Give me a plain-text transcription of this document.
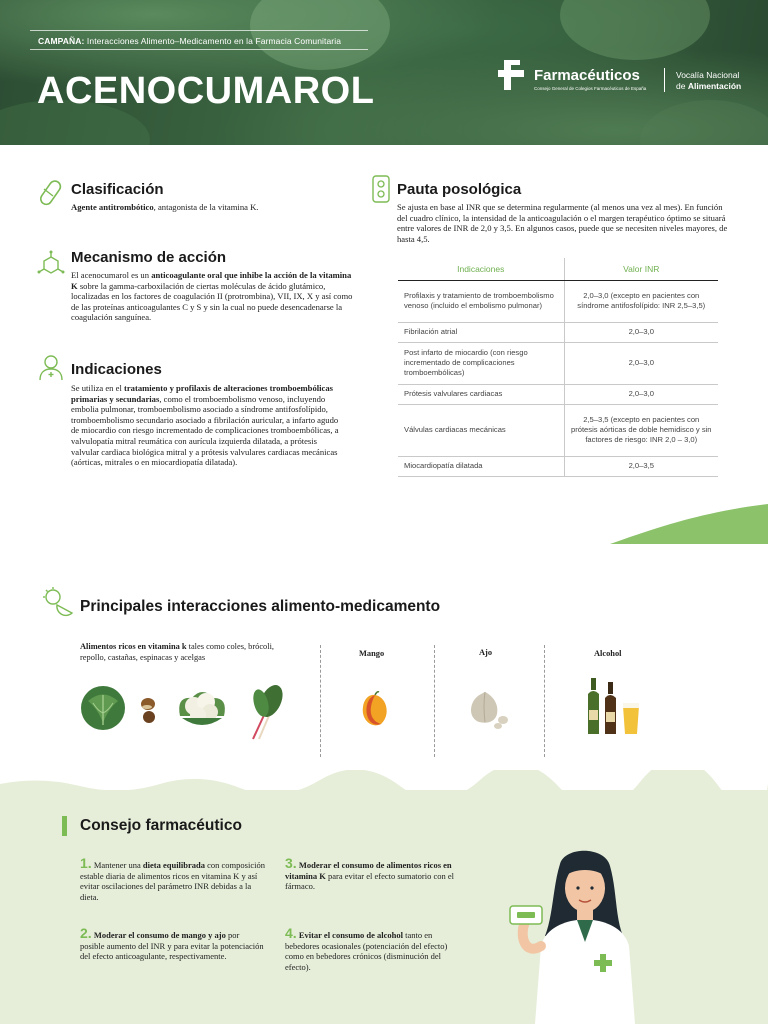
CAMPAÑA: Interacciones Alimento–Medicamento en la Farmacia Comunitaria
ACENOCUMAROL	Farmacéuticos
Consejo General de Colegios Farmacéuticos de España
Vocalía Nacional
de Alimentación
Clasificación
Agente antitrombótico, antagonista de la vitamina K.
Mecanismo de acción
El acenocumarol es un anticoagulante oral que inhibe la acción de la vitamina K sobre la gamma-carboxilación de ciertas moléculas de ácido glutámico, localizadas en los factores de coagulación II (protrombina), VII, IX, X y así como de las proteínas anticoagulantes C y S y sin la cual no puede desencadenarse la coagulación sanguínea.
Indicaciones
Se utiliza en el tratamiento y profilaxis de alteraciones tromboembólicas primarias y secundarias, como el tromboembolismo venoso, incluyendo embolia pulmonar, tromboembolismo asociado a síndrome antifosfolípido, tromboembolismo secundario asociado a fibrilación auricular, a infarto agudo de miocardio con riesgo incrementado de complicaciones tromboembólicas, a valvulopatía mitral reumática con aurícula izquierda dilatada, a prótesis valvular cardiaca biológica mitral y a prótesis valvulares cardiacas mecánicas (aórticas, mitrales o en miocardiopatía dilatada).
Pauta posológica
Se ajusta en base al INR que se determina regularmente (al menos una vez al mes). En función del cuadro clínico, la intensidad de la anticoagulación o el margen terapéutico óptimo se situará entre valores de INR de 2,0 y 3,5. En algunos casos, puede que se necesiten niveles mayores, de hasta 4,5.
Indicaciones	Valor INR
Profilaxis y tratamiento de tromboembolismo venoso (incluido el embolismo pulmonar)	2,0–3,0 (excepto en pacientes con síndrome antifosfolípido: INR 2,5–3,5)
Fibrilación atrial	2,0–3,0
Post infarto de miocardio (con riesgo incrementado de complicaciones tromboembólicas)	2,0–3,0
Prótesis valvulares cardiacas	2,0–3,0
Válvulas cardiacas mecánicas	2,5–3,5 (excepto en pacientes con prótesis aórticas de doble hemidisco y sin factores de riesgo: INR 2,0 – 3,0)
Miocardiopatía dilatada	2,0–3,5
Principales interacciones alimento-medicamento
Alimentos ricos en vitamina k tales como coles, brócoli, repollo, castañas, espinacas y acelgas	Mango	Ajo	Alcohol
Consejo farmacéutico
1. Mantener una dieta equilibrada con composición estable diaria de alimentos ricos en vitamina K y así evitar oscilaciones del parámetro INR debidas a la dieta.
2. Moderar el consumo de mango y ajo por posible aumento del INR y para evitar la potenciación del efecto anticoagulante, respectivamente.
3. Moderar el consumo de alimentos ricos en vitamina K para evitar el efecto sumatorio con el fármaco.
4. Evitar el consumo de alcohol tanto en bebedores ocasionales (potenciación del efecto) como en bebedores crónicos (disminución del efecto).
